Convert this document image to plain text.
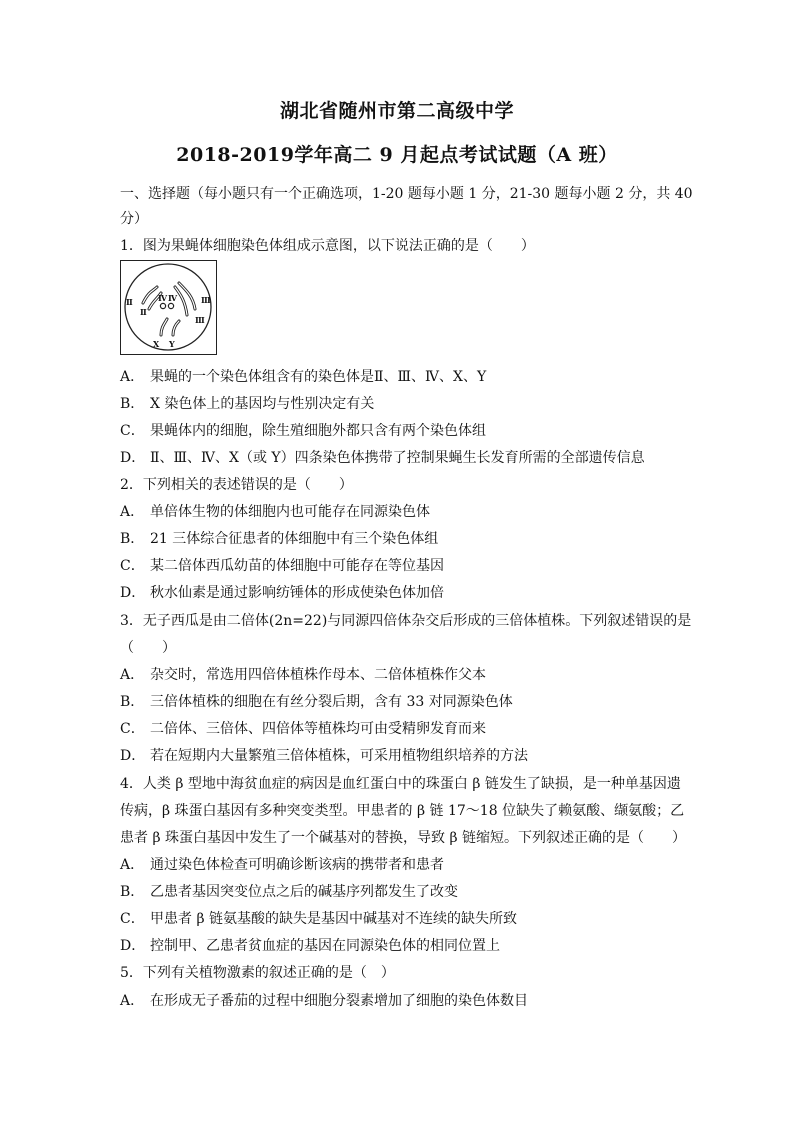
湖北省随州市第二高级中学
2018-2019学年高二 9 月起点考试试题（A 班）
一、选择题（每小题只有一个正确选项，1-20 题每小题 1 分，21-30 题每小题 2 分，共 40
分）
1．图为果蝇体细胞染色体组成示意图，以下说法正确的是（　　）
Ⅱ
Ⅱ
Ⅳ Ⅳ	Ⅲ
Ⅲ
X Y
A． 果蝇的一个染色体组含有的染色体是Ⅱ、Ⅲ、Ⅳ、X、Y
B． X 染色体上的基因均与性别决定有关
C． 果蝇体内的细胞，除生殖细胞外都只含有两个染色体组
D． Ⅱ、Ⅲ、Ⅳ、X（或 Y）四条染色体携带了控制果蝇生长发育所需的全部遗传信息
2．下列相关的表述错误的是（　　）
A． 单倍体生物的体细胞内也可能存在同源染色体
B． 21 三体综合征患者的体细胞中有三个染色体组
C． 某二倍体西瓜幼苗的体细胞中可能存在等位基因
D． 秋水仙素是通过影响纺锤体的形成使染色体加倍
3．无子西瓜是由二倍体(2n=22)与同源四倍体杂交后形成的三倍体植株。下列叙述错误的是
（　　）
A． 杂交时，常选用四倍体植株作母本、二倍体植株作父本
B． 三倍体植株的细胞在有丝分裂后期，含有 33 对同源染色体
C． 二倍体、三倍体、四倍体等植株均可由受精卵发育而来
D． 若在短期内大量繁殖三倍体植株，可采用植物组织培养的方法
4．人类 β 型地中海贫血症的病因是血红蛋白中的珠蛋白 β 链发生了缺损，是一种单基因遗
传病，β 珠蛋白基因有多种突变类型。甲患者的 β 链 17～18 位缺失了赖氨酸、缬氨酸；乙
患者 β 珠蛋白基因中发生了一个碱基对的替换，导致 β 链缩短。下列叙述正确的是（　　）
A． 通过染色体检查可明确诊断该病的携带者和患者
B． 乙患者基因突变位点之后的碱基序列都发生了改变
C． 甲患者 β 链氨基酸的缺失是基因中碱基对不连续的缺失所致
D． 控制甲、乙患者贫血症的基因在同源染色体的相同位置上
5．下列有关植物激素的叙述正确的是（　）
A． 在形成无子番茄的过程中细胞分裂素增加了细胞的染色体数目
